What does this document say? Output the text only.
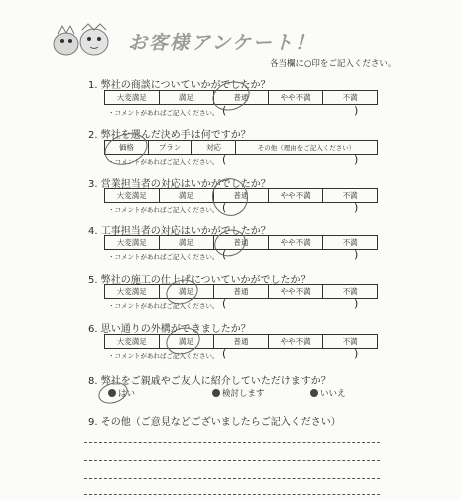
お客様アンケート！
各当欄に○印をご記入ください。
1. 弊社の商談についていかがでしたか？
大変満足	満足	普通	やや不満	不満
・コメントがあればご記入ください。 (	)
2. 弊社を選んだ決め手は何ですか？
価格	プラン	対応	その他（理由をご記入ください）
・コメントがあればご記入ください。 (	)
3. 営業担当者の対応はいかがでしたか？
大変満足	満足	普通	やや不満	不満
・コメントがあればご記入ください。 (	)
4. 工事担当者の対応はいかがでしたか？
大変満足	満足	普通	やや不満	不満
・コメントがあればご記入ください。 (	)
5. 弊社の施工の仕上げについていかがでしたか？
大変満足	満足	普通	やや不満	不満
・コメントがあればご記入ください。 (	)
6. 思い通りの外構ができましたか？
大変満足	満足	普通	やや不満	不満
・コメントがあればご記入ください。 (	)
8. 弊社をご親戚やご友人に紹介していただけますか？
はい	検討します	いいえ
9. その他（ご意見などございましたらご記入ください）
